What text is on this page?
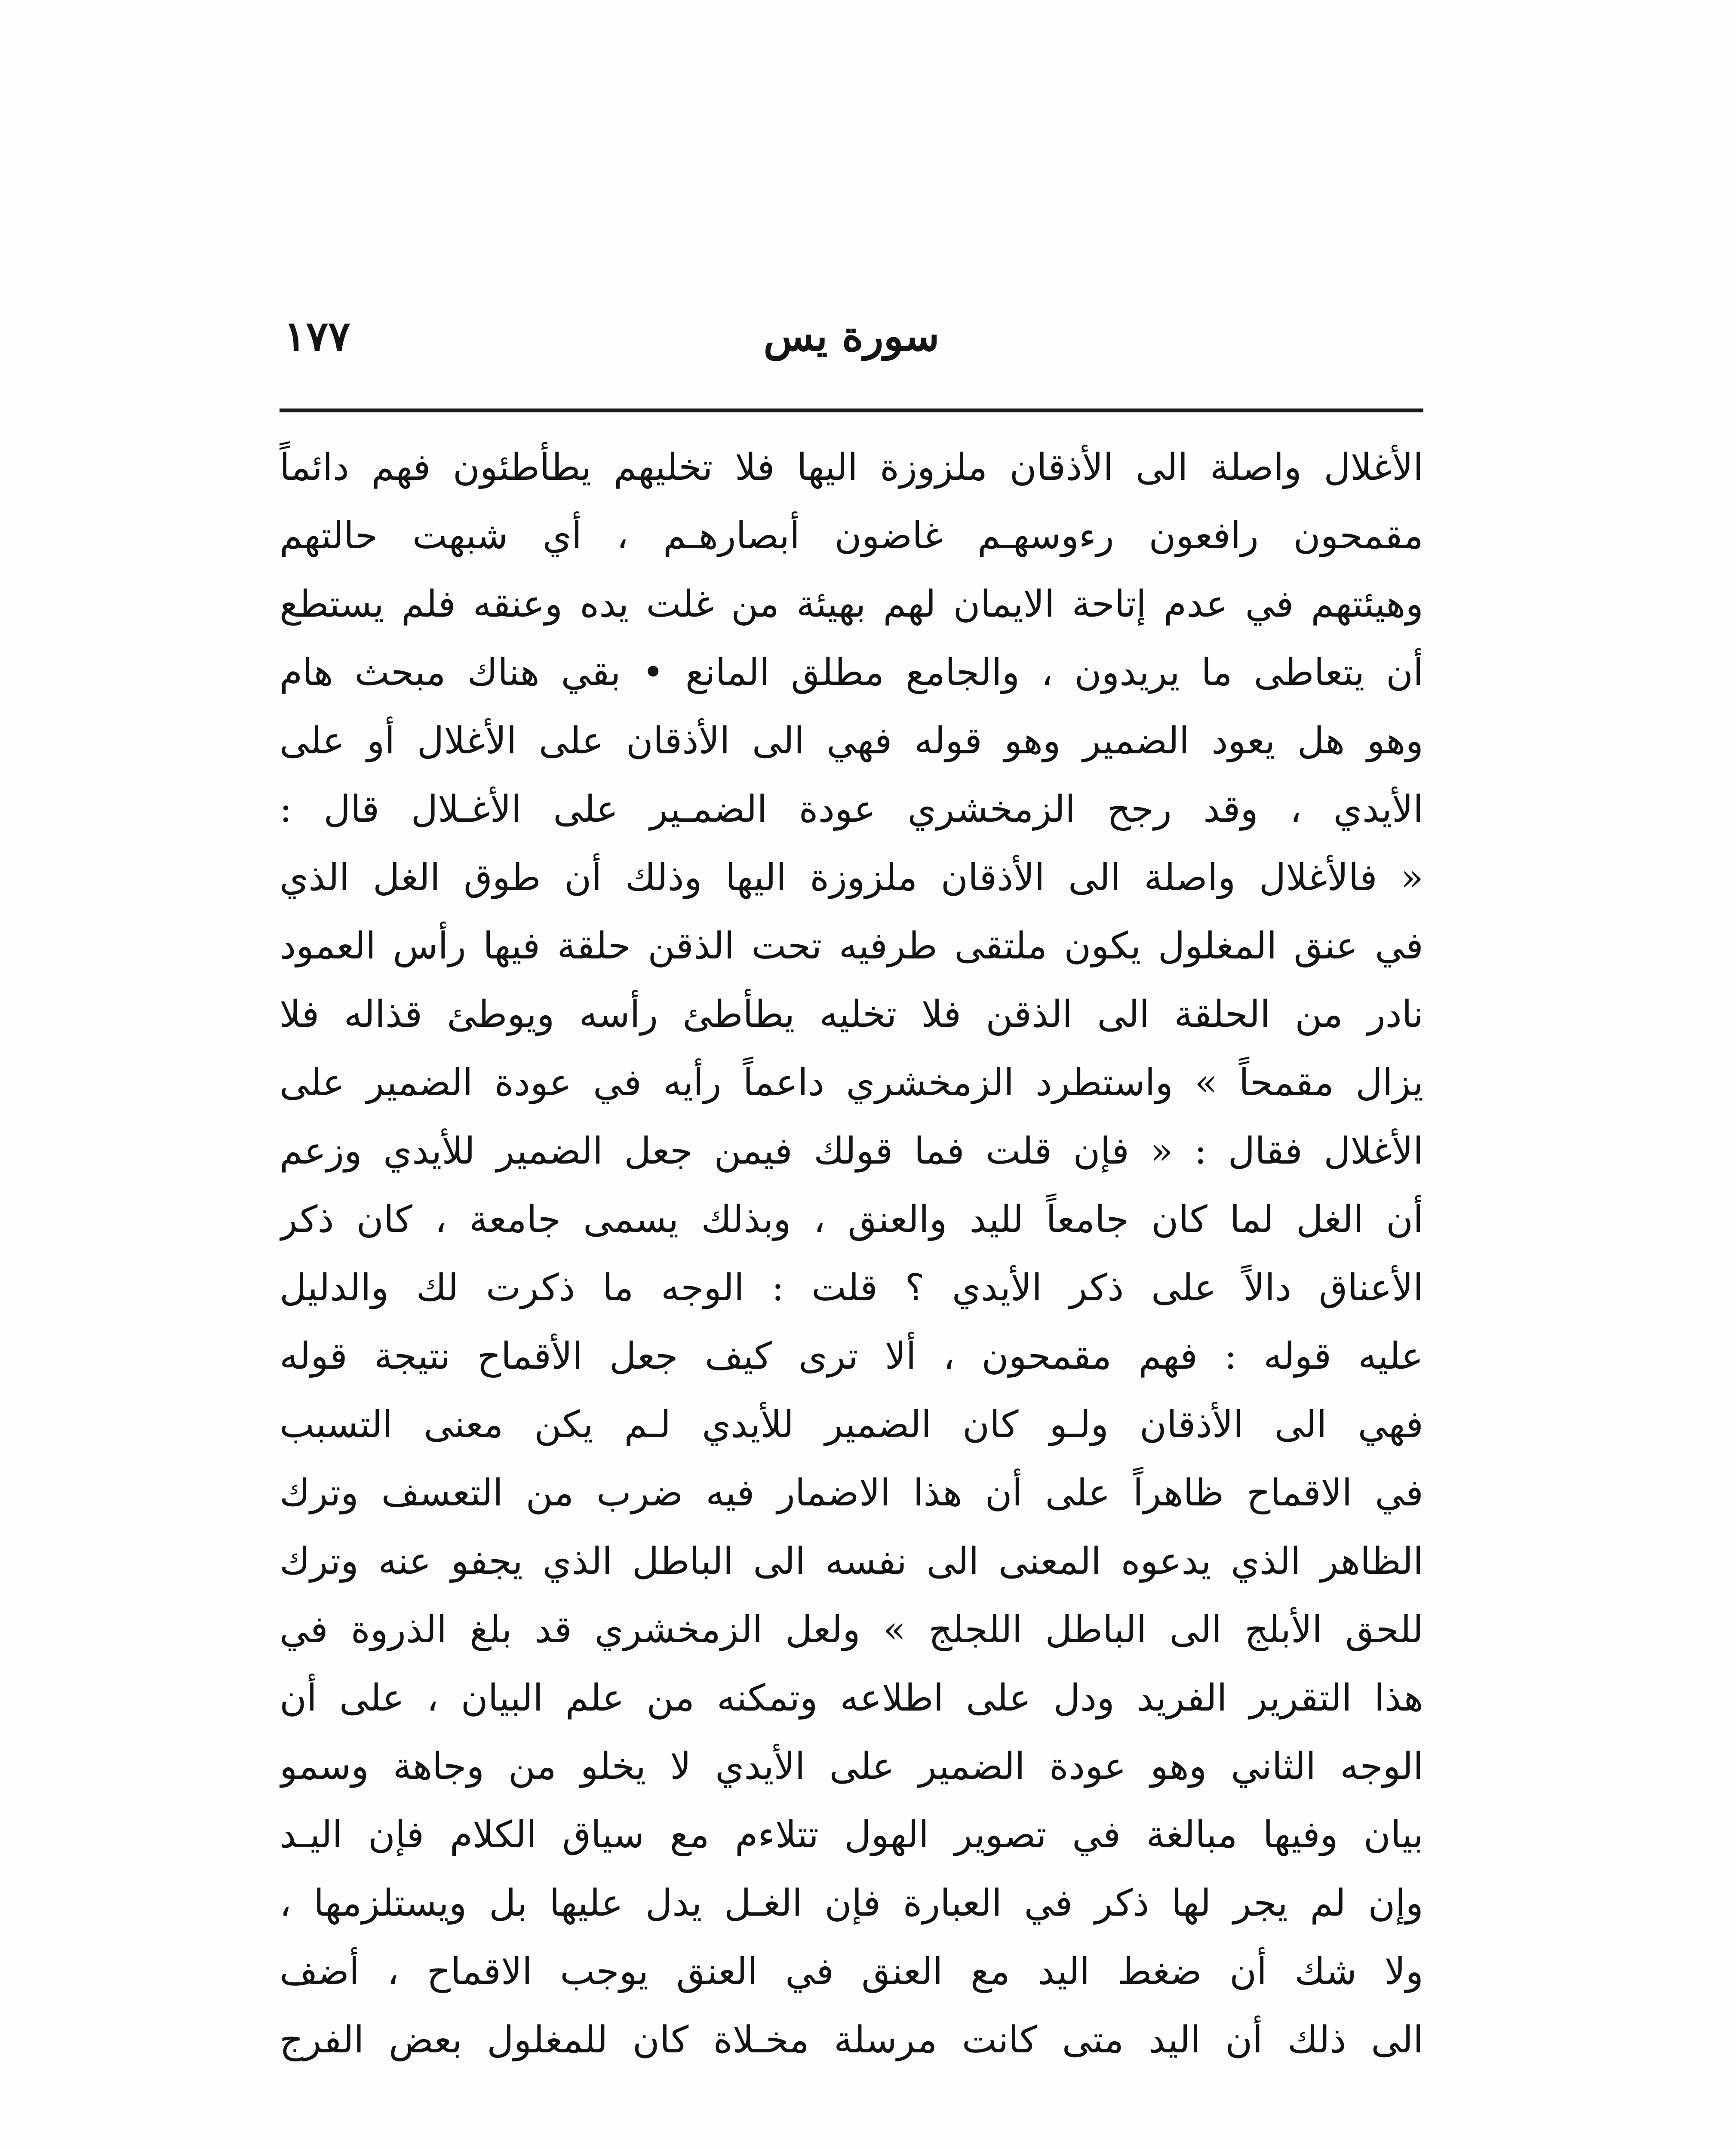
١٧٧	سورة يس
الأغلال واصلة الى الأذقان ملزوزة اليها فلا تخليهم يطأطئون فهم دائماً
مقمحون رافعون رءوسهـم غاضون أبصارهـم ، أي شبهت حالتهم
وهيئتهم في عدم إتاحة الايمان لهم بهيئة من غلت يده وعنقه فلم يستطع
أن يتعاطى ما يريدون ، والجامع مطلق المانع • بقي هناك مبحث هام
وهو هل يعود الضمير وهو قوله فهي الى الأذقان على الأغلال أو على
الأيدي ، وقد رجح الزمخشري عودة الضمـير على الأغـلال قال :
« فالأغلال واصلة الى الأذقان ملزوزة اليها وذلك أن طوق الغل الذي
في عنق المغلول يكون ملتقى طرفيه تحت الذقن حلقة فيها رأس العمود
نادر من الحلقة الى الذقن فلا تخليه يطأطئ رأسه ويوطئ قذاله فلا
يزال مقمحاً » واستطرد الزمخشري داعماً رأيه في عودة الضمير على
الأغلال فقال : « فإن قلت فما قولك فيمن جعل الضمير للأيدي وزعم
أن الغل لما كان جامعاً لليد والعنق ، وبذلك يسمى جامعة ، كان ذكر
الأعناق دالاً على ذكر الأيدي ؟ قلت : الوجه ما ذكرت لك والدليل
عليه قوله : فهم مقمحون ، ألا ترى كيف جعل الأقماح نتيجة قوله
فهي الى الأذقان ولـو كان الضمير للأيدي لـم يكن معنى التسبب
في الاقماح ظاهراً على أن هذا الاضمار فيه ضرب من التعسف وترك
الظاهر الذي يدعوه المعنى الى نفسه الى الباطل الذي يجفو عنه وترك
للحق الأبلج الى الباطل اللجلج » ولعل الزمخشري قد بلغ الذروة في
هذا التقرير الفريد ودل على اطلاعه وتمكنه من علم البيان ، على أن
الوجه الثاني وهو عودة الضمير على الأيدي لا يخلو من وجاهة وسمو
بيان وفيها مبالغة في تصوير الهول تتلاءم مع سياق الكلام فإن اليـد
وإن لم يجر لها ذكر في العبارة فإن الغـل يدل عليها بل ويستلزمها ،
ولا شك أن ضغط اليد مع العنق في العنق يوجب الاقماح ، أضف
الى ذلك أن اليد متى كانت مرسلة مخـلاة كان للمغلول بعض الفرج
